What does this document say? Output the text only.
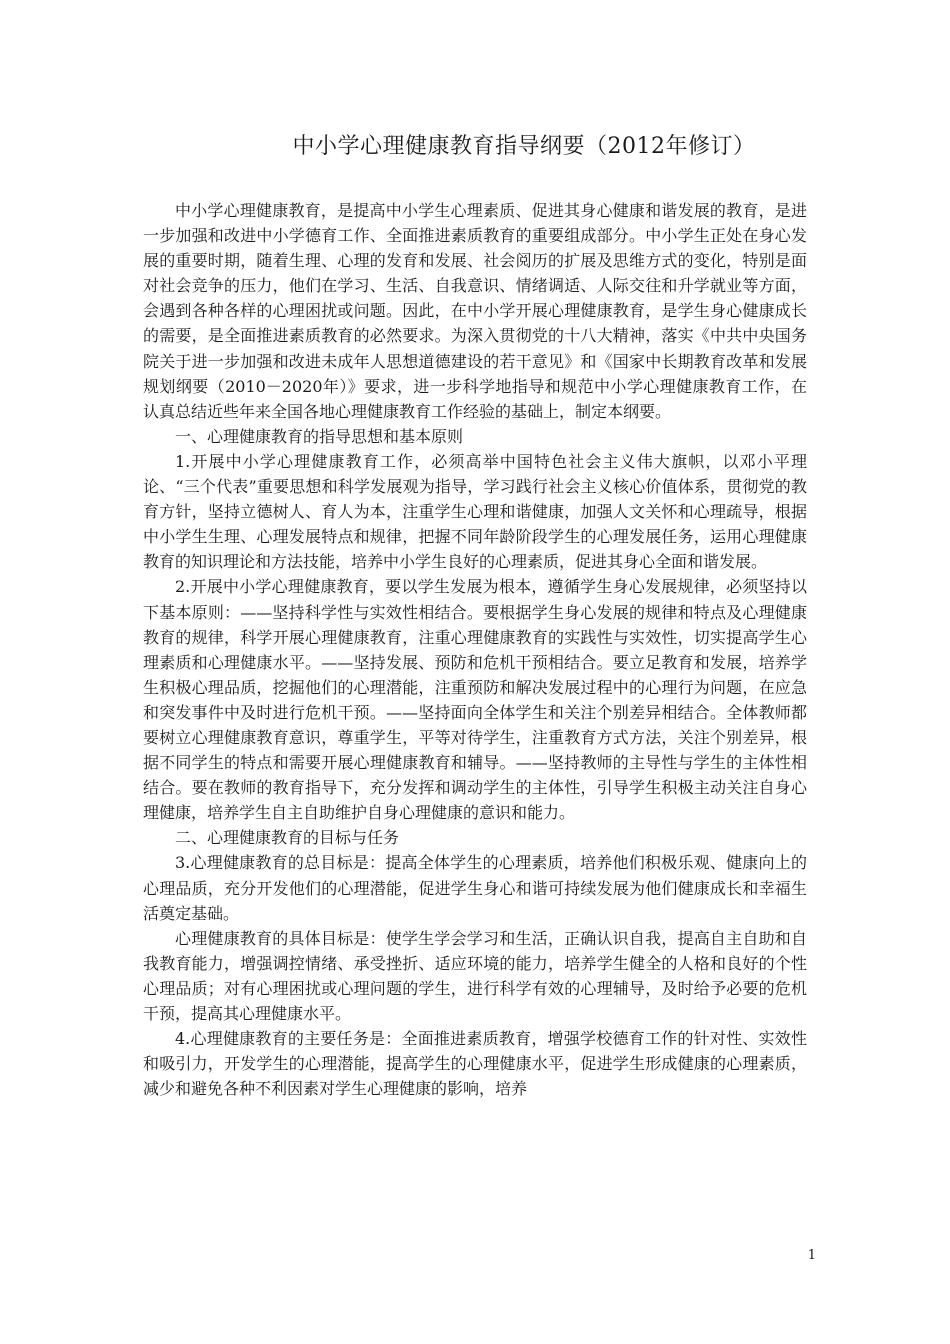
中小学心理健康教育指导纲要（2012年修订）

中小学心理健康教育，是提高中小学生心理素质、促进其身心健康和谐发展的教育，是进一步加强和改进中小学德育工作、全面推进素质教育的重要组成部分。中小学生正处在身心发展的重要时期，随着生理、心理的发育和发展、社会阅历的扩展及思维方式的变化，特别是面对社会竞争的压力，他们在学习、生活、自我意识、情绪调适、人际交往和升学就业等方面，会遇到各种各样的心理困扰或问题。因此，在中小学开展心理健康教育，是学生身心健康成长的需要，是全面推进素质教育的必然要求。为深入贯彻党的十八大精神，落实《中共中央国务院关于进一步加强和改进未成年人思想道德建设的若干意见》和《国家中长期教育改革和发展规划纲要（2010－2020年）》要求，进一步科学地指导和规范中小学心理健康教育工作，在认真总结近些年来全国各地心理健康教育工作经验的基础上，制定本纲要。

一、心理健康教育的指导思想和基本原则

1.开展中小学心理健康教育工作，必须高举中国特色社会主义伟大旗帜，以邓小平理论、“三个代表”重要思想和科学发展观为指导，学习践行社会主义核心价值体系，贯彻党的教育方针，坚持立德树人、育人为本，注重学生心理和谐健康，加强人文关怀和心理疏导，根据中小学生生理、心理发展特点和规律，把握不同年龄阶段学生的心理发展任务，运用心理健康教育的知识理论和方法技能，培养中小学生良好的心理素质，促进其身心全面和谐发展。

2.开展中小学心理健康教育，要以学生发展为根本，遵循学生身心发展规律，必须坚持以下基本原则：——坚持科学性与实效性相结合。要根据学生身心发展的规律和特点及心理健康教育的规律，科学开展心理健康教育，注重心理健康教育的实践性与实效性，切实提高学生心理素质和心理健康水平。——坚持发展、预防和危机干预相结合。要立足教育和发展，培养学生积极心理品质，挖掘他们的心理潜能，注重预防和解决发展过程中的心理行为问题，在应急和突发事件中及时进行危机干预。——坚持面向全体学生和关注个别差异相结合。全体教师都要树立心理健康教育意识，尊重学生，平等对待学生，注重教育方式方法，关注个别差异，根据不同学生的特点和需要开展心理健康教育和辅导。——坚持教师的主导性与学生的主体性相结合。要在教师的教育指导下，充分发挥和调动学生的主体性，引导学生积极主动关注自身心理健康，培养学生自主自助维护自身心理健康的意识和能力。

二、心理健康教育的目标与任务

3.心理健康教育的总目标是：提高全体学生的心理素质，培养他们积极乐观、健康向上的心理品质，充分开发他们的心理潜能，促进学生身心和谐可持续发展为他们健康成长和幸福生活奠定基础。

心理健康教育的具体目标是：使学生学会学习和生活，正确认识自我，提高自主自助和自我教育能力，增强调控情绪、承受挫折、适应环境的能力，培养学生健全的人格和良好的个性心理品质；对有心理困扰或心理问题的学生，进行科学有效的心理辅导，及时给予必要的危机干预，提高其心理健康水平。

4.心理健康教育的主要任务是：全面推进素质教育，增强学校德育工作的针对性、实效性和吸引力，开发学生的心理潜能，提高学生的心理健康水平，促进学生形成健康的心理素质，减少和避免各种不利因素对学生心理健康的影响，培养

1
